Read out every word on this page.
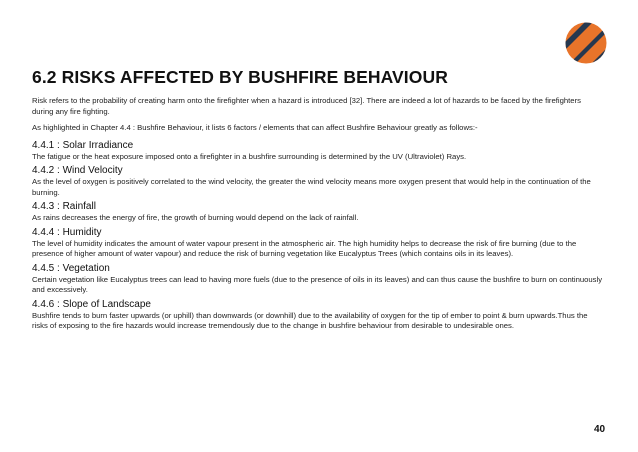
6.2 RISKS AFFECTED BY BUSHFIRE BEHAVIOUR

Risk refers to the probability of creating harm onto the firefighter when a hazard is introduced [32]. There are indeed a lot of hazards to be faced by the firefighters during any fire fighting.

As highlighted in Chapter 4.4 : Bushfire Behaviour, it lists 6 factors / elements that can affect Bushfire Behaviour greatly as follows:-

4.4.1 : Solar Irradiance

The fatigue or the heat exposure imposed onto a firefighter in a bushfire surrounding is determined by the UV (Ultraviolet) Rays.

4.4.2 : Wind Velocity

As the level of oxygen is positively correlated to the wind velocity, the greater the wind velocity means more oxygen present that would help in the continuation of the burning.

4.4.3 : Rainfall

As rains decreases the energy of fire, the growth of burning would depend on the lack of rainfall.

4.4.4 : Humidity

The level of humidity indicates the amount of water vapour present in the atmospheric air. The high humidity helps to decrease the risk of fire burning (due to the presence of higher amount of water vapour) and reduce the risk of burning vegetation like Eucalyptus Trees (which contains oils in its leaves).

4.4.5 : Vegetation

Certain vegetation like Eucalyptus trees can lead to having more fuels (due to the presence of oils in its leaves) and can thus cause the bushfire to burn on continuously and excessively.

4.4.6 : Slope of Landscape

Bushfire tends to burn faster upwards (or uphill) than downwards (or downhill) due to the availability of oxygen for the tip of ember to point & burn upwards.Thus the risks of exposing to the fire hazards would increase tremendously due to the change in bushfire behaviour from desirable to undesirable ones.

40
